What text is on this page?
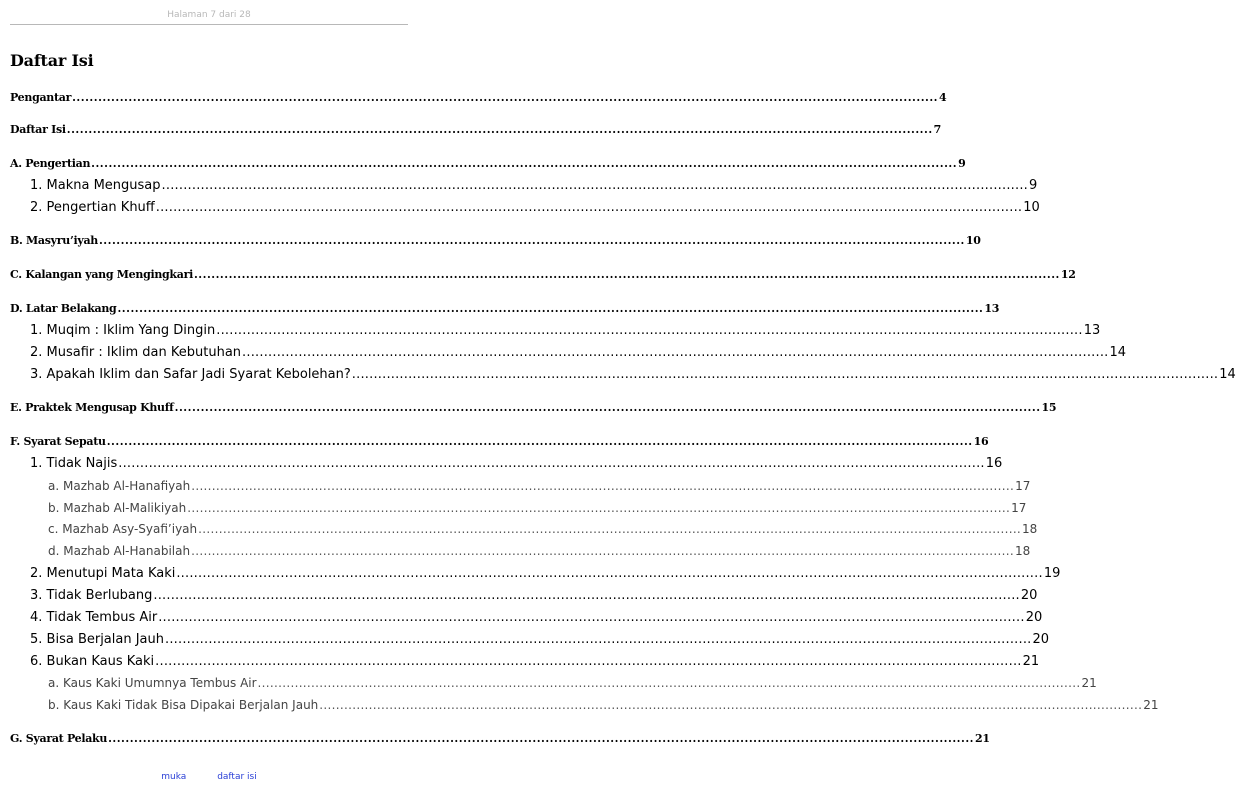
Halaman 7 dari 28
Daftar Isi
Pengantar ........................................................................................................................................................................................................ 4
Daftar Isi ........................................................................................................................................................................................................ 7
A. Pengertian ........................................................................................................................................................................................................ 9
1. Makna Mengusap ........................................................................................................................................................................................................ 9
2. Pengertian Khuff ........................................................................................................................................................................................................ 10
B. Masyru’iyah ........................................................................................................................................................................................................ 10
C. Kalangan yang Mengingkari ........................................................................................................................................................................................................ 12
D. Latar Belakang ........................................................................................................................................................................................................ 13
1. Muqim : Iklim Yang Dingin ........................................................................................................................................................................................................ 13
2. Musafir : Iklim dan Kebutuhan ........................................................................................................................................................................................................ 14
3. Apakah Iklim dan Safar Jadi Syarat Kebolehan? ........................................................................................................................................................................................................ 14
E. Praktek Mengusap Khuff ........................................................................................................................................................................................................ 15
F. Syarat Sepatu ........................................................................................................................................................................................................ 16
1. Tidak Najis ........................................................................................................................................................................................................ 16
a. Mazhab Al-Hanafiyah ........................................................................................................................................................................................................ 17
b. Mazhab Al-Malikiyah ........................................................................................................................................................................................................ 17
c. Mazhab Asy-Syafi’iyah ........................................................................................................................................................................................................ 18
d. Mazhab Al-Hanabilah ........................................................................................................................................................................................................ 18
2. Menutupi Mata Kaki ........................................................................................................................................................................................................ 19
3. Tidak Berlubang ........................................................................................................................................................................................................ 20
4. Tidak Tembus Air ........................................................................................................................................................................................................ 20
5. Bisa Berjalan Jauh ........................................................................................................................................................................................................ 20
6. Bukan Kaus Kaki ........................................................................................................................................................................................................ 21
a. Kaus Kaki Umumnya Tembus Air ........................................................................................................................................................................................................ 21
b. Kaus Kaki Tidak Bisa Dipakai Berjalan Jauh ........................................................................................................................................................................................................ 21
G. Syarat Pelaku ........................................................................................................................................................................................................ 21
muka	daftar isi
